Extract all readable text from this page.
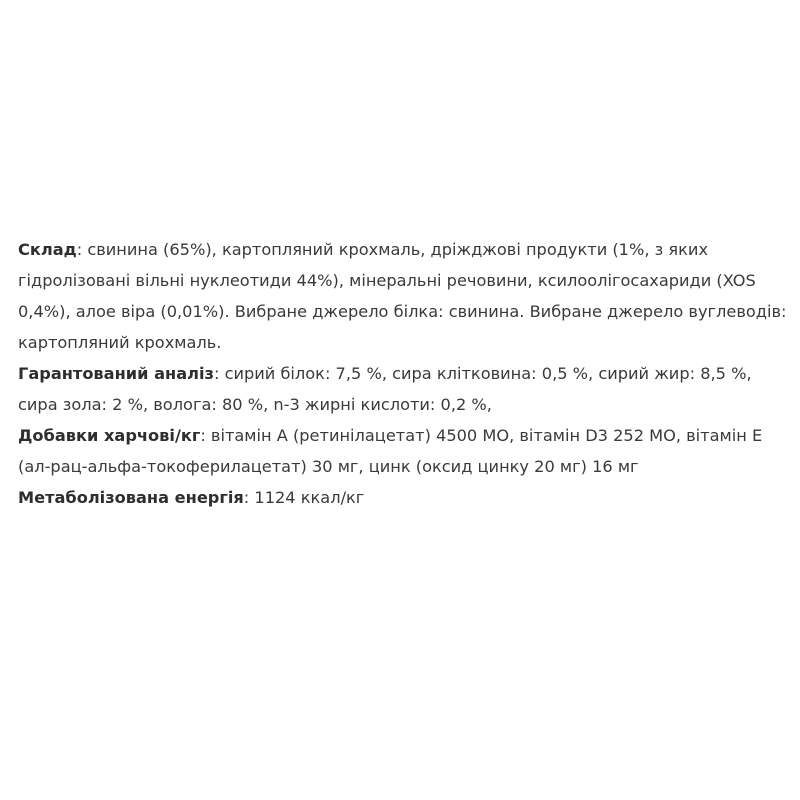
Склад: свинина (65%), картопляний крохмаль, дріжджові продукти (1%, з яких гідролізовані вільні нуклеотиди 44%), мінеральні речовини, ксилоолігосахариди (XOS 0,4%), алое віра (0,01%). Вибране джерело білка: свинина. Вибране джерело вуглеводів: картопляний крохмаль.

Гарантований аналіз: сирий білок: 7,5 %, сира клітковина: 0,5 %, сирий жир: 8,5 %, сира зола: 2 %, волога: 80 %, n-3 жирні кислоти: 0,2 %,

Добавки харчові/кг: вітамін A (ретинілацетат) 4500 МО, вітамін D3 252 МО, вітамін E (ал-рац-альфа-токоферилацетат) 30 мг, цинк (оксид цинку 20 мг) 16 мг

Метаболізована енергія: 1124 ккал/кг
